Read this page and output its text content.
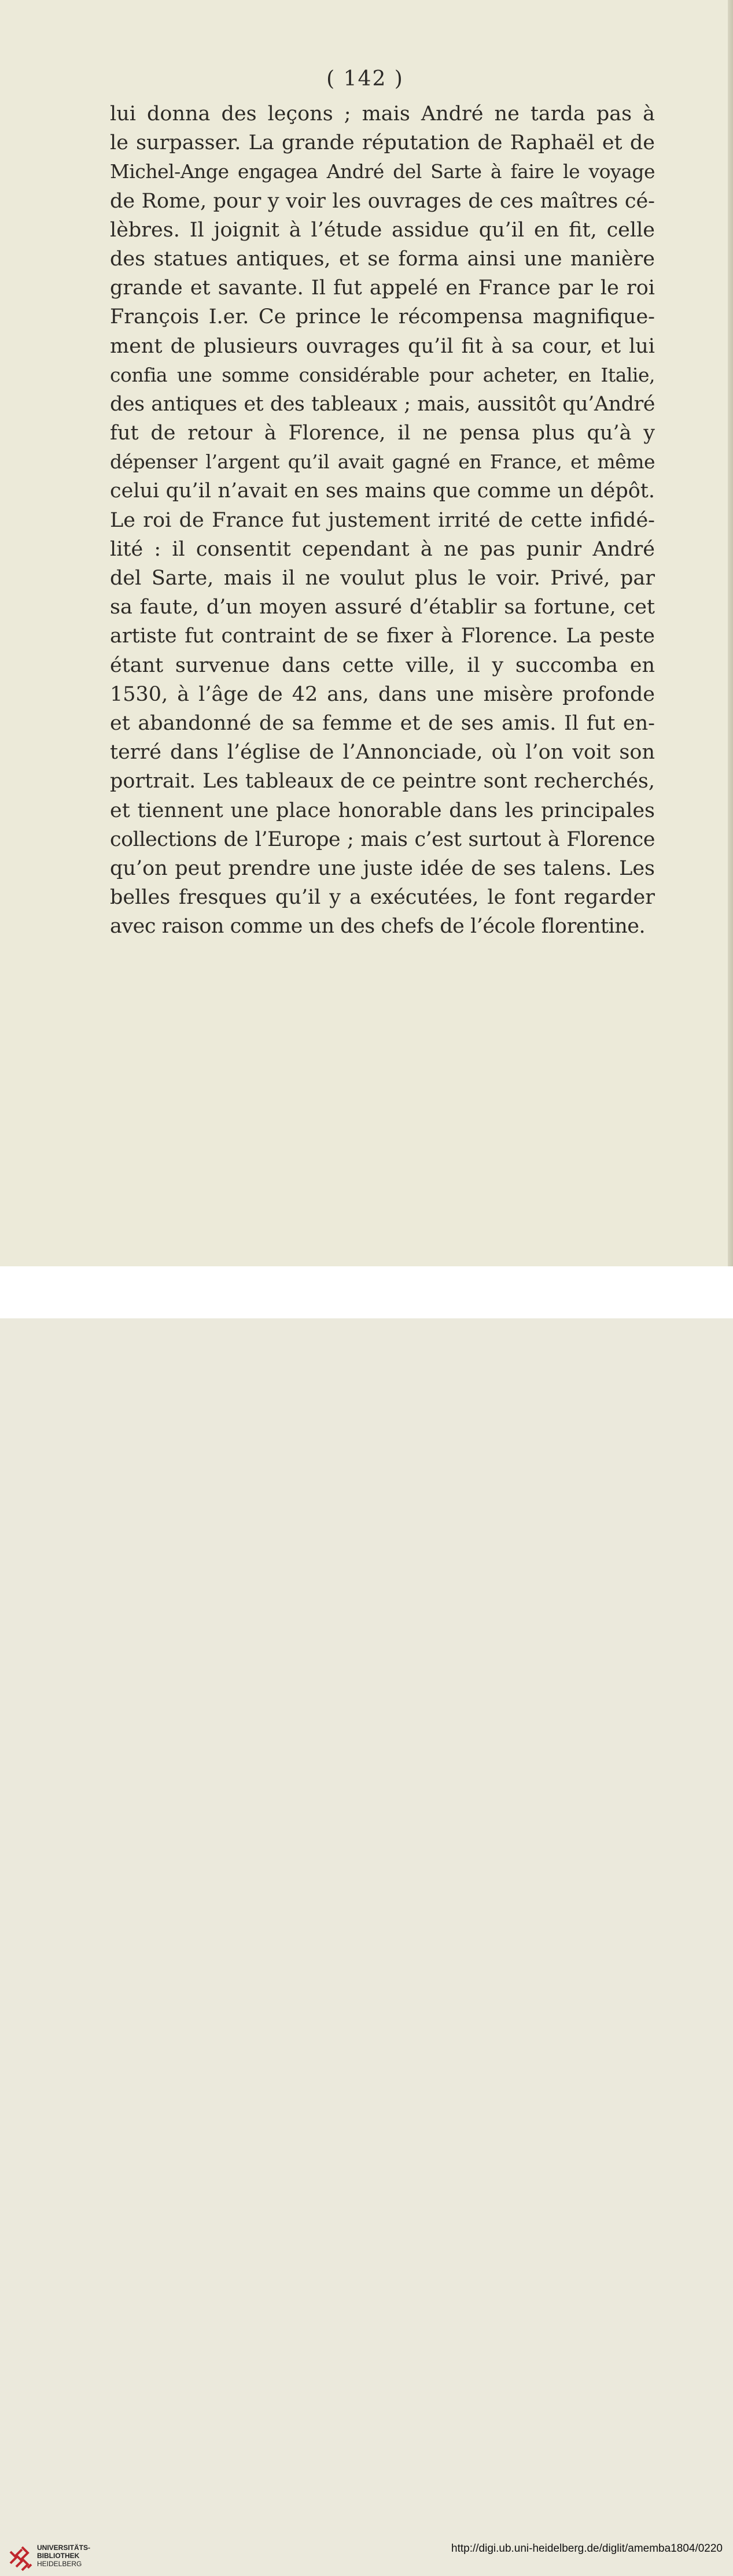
( 142 )
lui donna des leçons ; mais André ne tarda pas à
le surpasser. La grande réputation de Raphaël et de
Michel-Ange engagea André del Sarte à faire le voyage
de Rome, pour y voir les ouvrages de ces maîtres cé-
lèbres. Il joignit à l’étude assidue qu’il en fit, celle
des statues antiques, et se forma ainsi une manière
grande et savante. Il fut appelé en France par le roi
François I.er. Ce prince le récompensa magnifique-
ment de plusieurs ouvrages qu’il fit à sa cour, et lui
confia une somme considérable pour acheter, en Italie,
des antiques et des tableaux ; mais, aussitôt qu’André
fut de retour à Florence, il ne pensa plus qu’à y
dépenser l’argent qu’il avait gagné en France, et même
celui qu’il n’avait en ses mains que comme un dépôt.
Le roi de France fut justement irrité de cette infidé-
lité : il consentit cependant à ne pas punir André
del Sarte, mais il ne voulut plus le voir. Privé, par
sa faute, d’un moyen assuré d’établir sa fortune, cet
artiste fut contraint de se fixer à Florence. La peste
étant survenue dans cette ville, il y succomba en
1530, à l’âge de 42 ans, dans une misère profonde
et abandonné de sa femme et de ses amis. Il fut en-
terré dans l’église de l’Annonciade, où l’on voit son
portrait. Les tableaux de ce peintre sont recherchés,
et tiennent une place honorable dans les principales
collections de l’Europe ; mais c’est surtout à Florence
qu’on peut prendre une juste idée de ses talens. Les
belles fresques qu’il y a exécutées, le font regarder
avec raison comme un des chefs de l’école florentine.
UNIVERSITÄTS-
BIBLIOTHEK
HEIDELBERG
http://digi.ub.uni-heidelberg.de/diglit/amemba1804/0220
